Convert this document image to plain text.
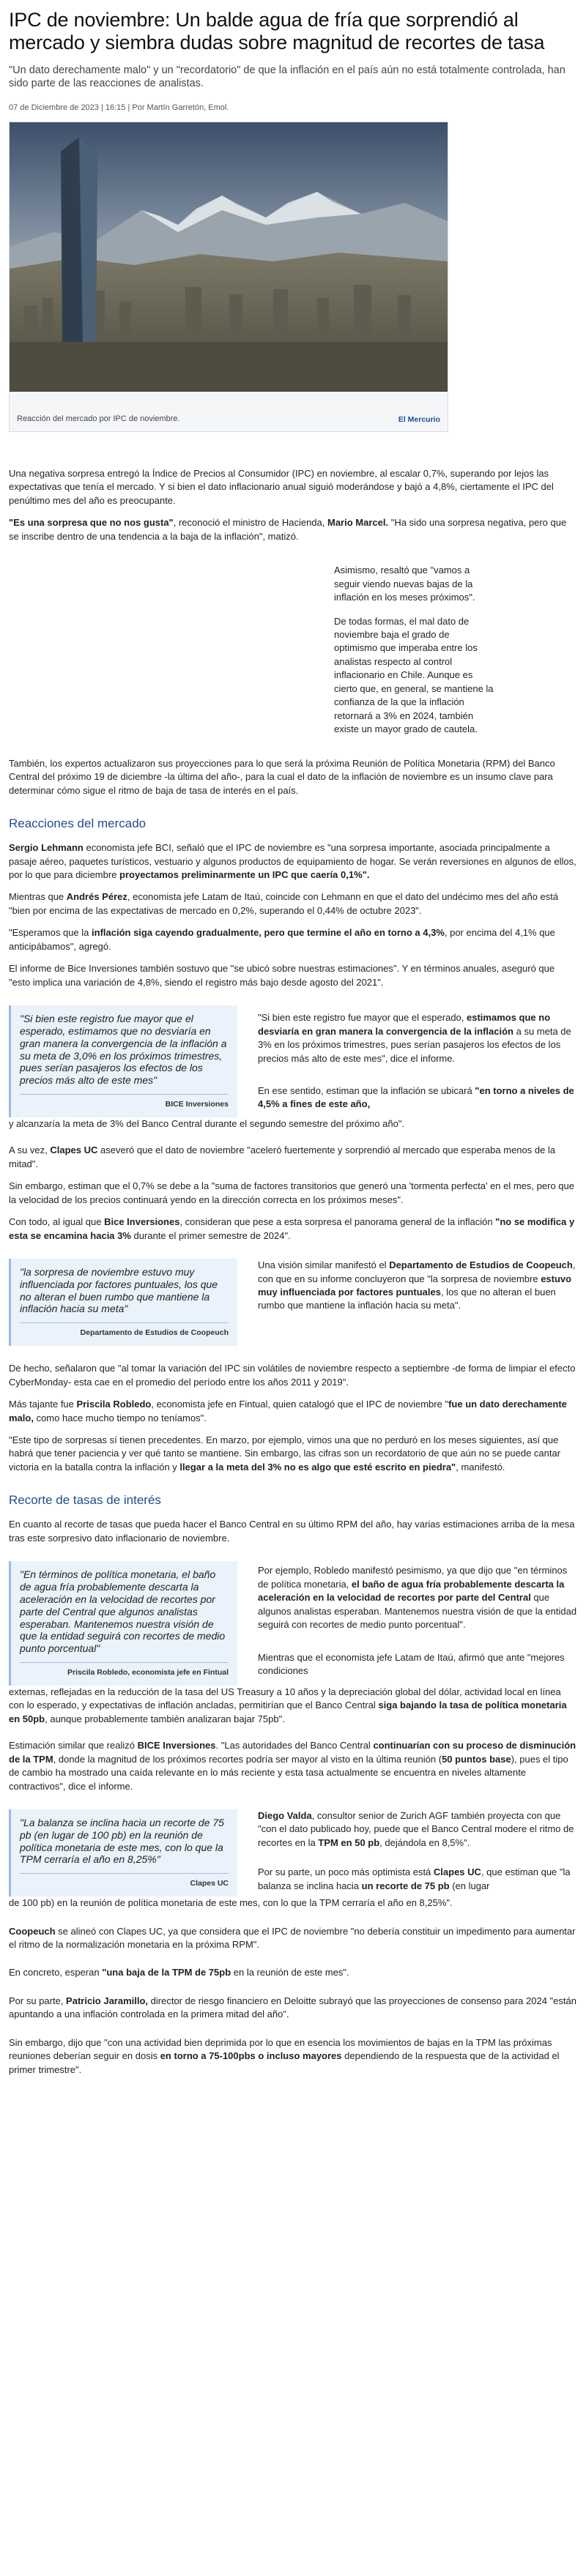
IPC de noviembre: Un balde agua de fría que sorprendió al mercado y siembra dudas sobre magnitud de recortes de tasa
"Un dato derechamente malo" y un "recordatorio" de que la inflación en el país aún no está totalmente controlada, han sido parte de las reacciones de analistas.
07 de Diciembre de 2023 | 16:15 | Por Martín Garretón, Emol.
Reacción del mercado por IPC de noviembre.	El Mercurio

Una negativa sorpresa entregó la Índice de Precios al Consumidor (IPC) en noviembre, al escalar 0,7%, superando por lejos las expectativas que tenía el mercado. Y si bien el dato inflacionario anual siguió moderándose y bajó a 4,8%, ciertamente el IPC del penúltimo mes del año es preocupante.

"Es una sorpresa que no nos gusta", reconoció el ministro de Hacienda, Mario Marcel. "Ha sido una sorpresa negativa, pero que se inscribe dentro de una tendencia a la baja de la inflación", matizó.

Asimismo, resaltó que "vamos a seguir viendo nuevas bajas de la inflación en los meses próximos".

De todas formas, el mal dato de noviembre baja el grado de optimismo que imperaba entre los analistas respecto al control inflacionario en Chile. Aunque es cierto que, en general, se mantiene la confianza de la que la inflación retornará a 3% en 2024, también existe un mayor grado de cautela.

También, los expertos actualizaron sus proyecciones para lo que será la próxima Reunión de Política Monetaria (RPM) del Banco Central del próximo 19 de diciembre -la última del año-, para la cual el dato de la inflación de noviembre es un insumo clave para determinar cómo sigue el ritmo de baja de tasa de interés en el país.

Reacciones del mercado

Sergio Lehmann economista jefe BCI, señaló que el IPC de noviembre es "una sorpresa importante, asociada principalmente a pasaje aéreo, paquetes turísticos, vestuario y algunos productos de equipamiento de hogar. Se verán reversiones en algunos de ellos, por lo que para diciembre proyectamos preliminarmente un IPC que caería 0,1%".

Mientras que Andrés Pérez, economista jefe Latam de Itaú, coincide con Lehmann en que el dato del undécimo mes del año está "bien por encima de las expectativas de mercado en 0,2%, superando el 0,44% de octubre 2023".

"Esperamos que la inflación siga cayendo gradualmente, pero que termine el año en torno a 4,3%, por encima del 4,1% que anticipábamos", agregó.

El informe de Bice Inversiones también sostuvo que "se ubicó sobre nuestras estimaciones". Y en términos anuales, aseguró que "esto implica una variación de 4,8%, siendo el registro más bajo desde agosto del 2021".

"Si bien este registro fue mayor que el esperado, estimamos que no desviaría en gran manera la convergencia de la inflación a su meta de 3,0% en los próximos trimestres, pues serían pasajeros los efectos de los precios más alto de este mes"
BICE Inversiones

"Si bien este registro fue mayor que el esperado, estimamos que no desviaría en gran manera la convergencia de la inflación a su meta de 3% en los próximos trimestres, pues serían pasajeros los efectos de los precios más alto de este mes", dice el informe.

En ese sentido, estiman que la inflación se ubicará "en torno a niveles de 4,5% a fines de este año,

y alcanzaría la meta de 3% del Banco Central durante el segundo semestre del próximo año".

A su vez, Clapes UC aseveró que el dato de noviembre "aceleró fuertemente y sorprendió al mercado que esperaba menos de la mitad".

Sin embargo, estiman que el 0,7% se debe a la "suma de factores transitorios que generó una 'tormenta perfecta' en el mes, pero que la velocidad de los precios continuará yendo en la dirección correcta en los próximos meses".

Con todo, al igual que Bice Inversiones, consideran que pese a esta sorpresa el panorama general de la inflación "no se modifica y esta se encamina hacia 3% durante el primer semestre de 2024".

"la sorpresa de noviembre estuvo muy influenciada por factores puntuales, los que no alteran el buen rumbo que mantiene la inflación hacia su meta"
Departamento de Estudios de Coopeuch

Una visión similar manifestó el Departamento de Estudios de Coopeuch, con que en su informe concluyeron que "la sorpresa de noviembre estuvo muy influenciada por factores puntuales, los que no alteran el buen rumbo que mantiene la inflación hacia su meta".

De hecho, señalaron que "al tomar la variación del IPC sin volátiles de noviembre respecto a septiembre -de forma de limpiar el efecto CyberMonday- esta cae en el promedio del período entre los años 2011 y 2019".

Más tajante fue Priscila Robledo, economista jefe en Fintual, quien catalogó que el IPC de noviembre "fue un dato derechamente malo, como hace mucho tiempo no teníamos".

"Este tipo de sorpresas sí tienen precedentes. En marzo, por ejemplo, vimos una que no perduró en los meses siguientes, así que habrá que tener paciencia y ver qué tanto se mantiene. Sin embargo, las cifras son un recordatorio de que aún no se puede cantar victoria en la batalla contra la inflación y llegar a la meta del 3% no es algo que esté escrito en piedra", manifestó.

Recorte de tasas de interés

En cuanto al recorte de tasas que pueda hacer el Banco Central en su último RPM del año, hay varias estimaciones arriba de la mesa tras este sorpresivo dato inflacionario de noviembre.

"En términos de política monetaria, el baño de agua fría probablemente descarta la aceleración en la velocidad de recortes por parte del Central que algunos analistas esperaban. Mantenemos nuestra visión de que la entidad seguirá con recortes de medio punto porcentual"
Priscila Robledo, economista jefe en Fintual

Por ejemplo, Robledo manifestó pesimismo, ya que dijo que "en términos de política monetaria, el baño de agua fría probablemente descarta la aceleración en la velocidad de recortes por parte del Central que algunos analistas esperaban. Mantenemos nuestra visión de que la entidad seguirá con recortes de medio punto porcentual".

Mientras que el economista jefe Latam de Itaú, afirmó que ante "mejores condiciones

externas, reflejadas en la reducción de la tasa del US Treasury a 10 años y la depreciación global del dólar, actividad local en línea con lo esperado, y expectativas de inflación ancladas, permitirían que el Banco Central siga bajando la tasa de política monetaria en 50pb, aunque probablemente también analizaran bajar 75pb".

Estimación similar que realizó BICE Inversiones. "Las autoridades del Banco Central continuarían con su proceso de disminución de la TPM, donde la magnitud de los próximos recortes podría ser mayor al visto en la última reunión (50 puntos base), pues el tipo de cambio ha mostrado una caída relevante en lo más reciente y esta tasa actualmente se encuentra en niveles altamente contractivos", dice el informe.

"La balanza se inclina hacia un recorte de 75 pb (en lugar de 100 pb) en la reunión de política monetaria de este mes, con lo que la TPM cerraría el año en 8,25%"
Clapes UC

Diego Valda, consultor senior de Zurich AGF también proyecta con que "con el dato publicado hoy, puede que el Banco Central modere el ritmo de recortes en la TPM en 50 pb, dejándola en 8,5%".

Por su parte, un poco más optimista está Clapes UC, que estiman que "la balanza se inclina hacia un recorte de 75 pb (en lugar

de 100 pb) en la reunión de política monetaria de este mes, con lo que la TPM cerraría el año en 8,25%".

Coopeuch se alineó con Clapes UC, ya que considera que el IPC de noviembre "no debería constituir un impedimento para aumentar el ritmo de la normalización monetaria en la próxima RPM".

En concreto, esperan "una baja de la TPM de 75pb en la reunión de este mes".

Por su parte, Patricio Jaramillo, director de riesgo financiero en Deloitte subrayó que las proyecciones de consenso para 2024 "están apuntando a una inflación controlada en la primera mitad del año".

Sin embargo, dijo que "con una actividad bien deprimida por lo que en esencia los movimientos de bajas en la TPM las próximas reuniones deberían seguir en dosis en torno a 75-100pbs o incluso mayores dependiendo de la respuesta que de la actividad el primer trimestre".
